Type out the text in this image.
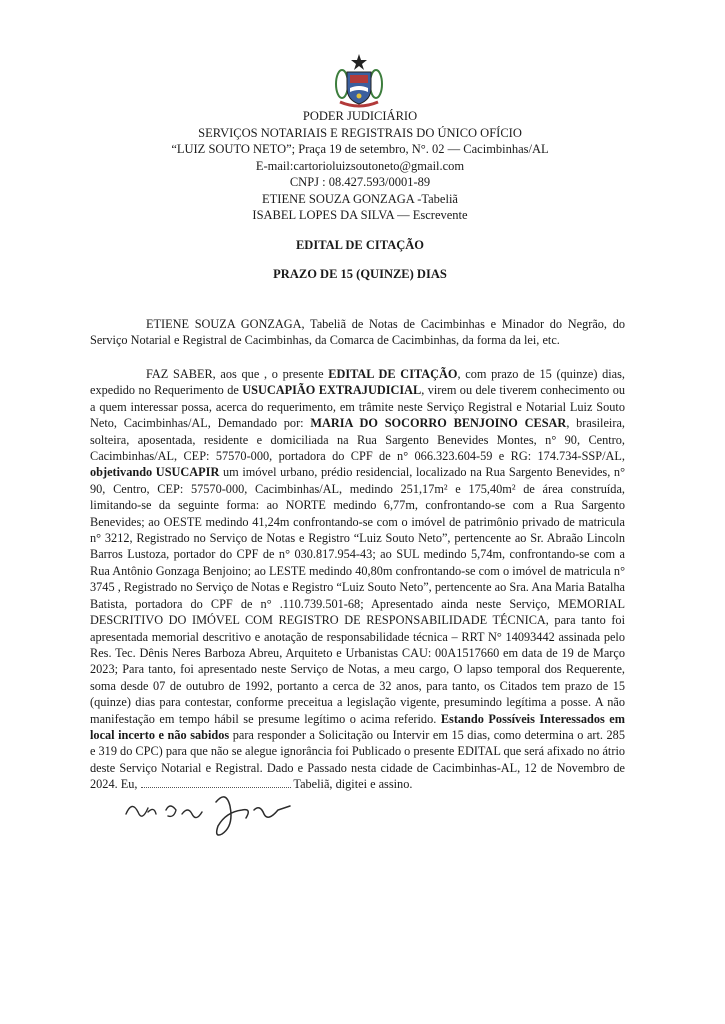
PODER JUDICIÁRIO
SERVIÇOS NOTARIAIS E REGISTRAIS DO ÚNICO OFÍCIO
“LUIZ SOUTO NETO”; Praça 19 de setembro, N°. 02 — Cacimbinhas/AL
E-mail:cartorioluizsoutoneto@gmail.com
CNPJ : 08.427.593/0001-89
ETIENE SOUZA GONZAGA -Tabeliã
ISABEL LOPES DA SILVA — Escrevente
EDITAL DE CITAÇÃO
PRAZO DE 15 (QUINZE) DIAS

ETIENE SOUZA GONZAGA, Tabeliã de Notas de Cacimbinhas e Minador do Negrão, do Serviço Notarial e Registral de Cacimbinhas, da Comarca de Cacimbinhas, da forma da lei, etc.

FAZ SABER, aos que , o presente EDITAL DE CITAÇÃO, com prazo de 15 (quinze) dias, expedido no Requerimento de USUCAPIÃO EXTRAJUDICIAL, virem ou dele tiverem conhecimento ou a quem interessar possa, acerca do requerimento, em trâmite neste Serviço Registral e Notarial Luiz Souto Neto, Cacimbinhas/AL, Demandado por: MARIA DO SOCORRO BENJOINO CESAR, brasileira, solteira, aposentada, residente e domiciliada na Rua Sargento Benevides Montes, n° 90, Centro, Cacimbinhas/AL, CEP: 57570-000, portadora do CPF de n° 066.323.604-59 e RG: 174.734-SSP/AL, objetivando USUCAPIR um imóvel urbano, prédio residencial, localizado na Rua Sargento Benevides, n° 90, Centro, CEP: 57570-000, Cacimbinhas/AL, medindo 251,17m² e 175,40m² de área construída, limitando-se da seguinte forma: ao NORTE medindo 6,77m, confrontando-se com a Rua Sargento Benevides; ao OESTE medindo 41,24m confrontando-se com o imóvel de patrimônio privado de matricula n° 3212, Registrado no Serviço de Notas e Registro “Luiz Souto Neto”, pertencente ao Sr. Abraão Lincoln Barros Lustoza, portador do CPF de n° 030.817.954-43; ao SUL medindo 5,74m, confrontando-se com a Rua Antônio Gonzaga Benjoino; ao LESTE medindo 40,80m confrontando-se com o imóvel de matricula n° 3745 , Registrado no Serviço de Notas e Registro “Luiz Souto Neto”, pertencente ao Sra. Ana Maria Batalha Batista, portadora do CPF de n° .110.739.501-68; Apresentado ainda neste Serviço, MEMORIAL DESCRITIVO DO IMÓVEL COM REGISTRO DE RESPONSABILIDADE TÉCNICA, para tanto foi apresentada memorial descritivo e anotação de responsabilidade técnica – RRT N° 14093442 assinada pelo Res. Tec. Dênis Neres Barboza Abreu, Arquiteto e Urbanistas CAU: 00A1517660 em data de 19 de Março 2023; Para tanto, foi apresentado neste Serviço de Notas, a meu cargo, O lapso temporal dos Requerente, soma desde 07 de outubro de 1992, portanto a cerca de 32 anos, para tanto, os Citados tem prazo de 15 (quinze) dias para contestar, conforme preceitua a legislação vigente, presumindo legítima a posse. A não manifestação em tempo hábil se presume legítimo o acima referido. Estando Possíveis Interessados em local incerto e não sabidos para responder a Solicitação ou Intervir em 15 dias, como determina o art. 285 e 319 do CPC) para que não se alegue ignorância foi Publicado o presente EDITAL que será afixado no átrio deste Serviço Notarial e Registral. Dado e Passado nesta cidade de Cacimbinhas-AL, 12 de Novembro de 2024. Eu,	Tabeliã, digitei e assino.
